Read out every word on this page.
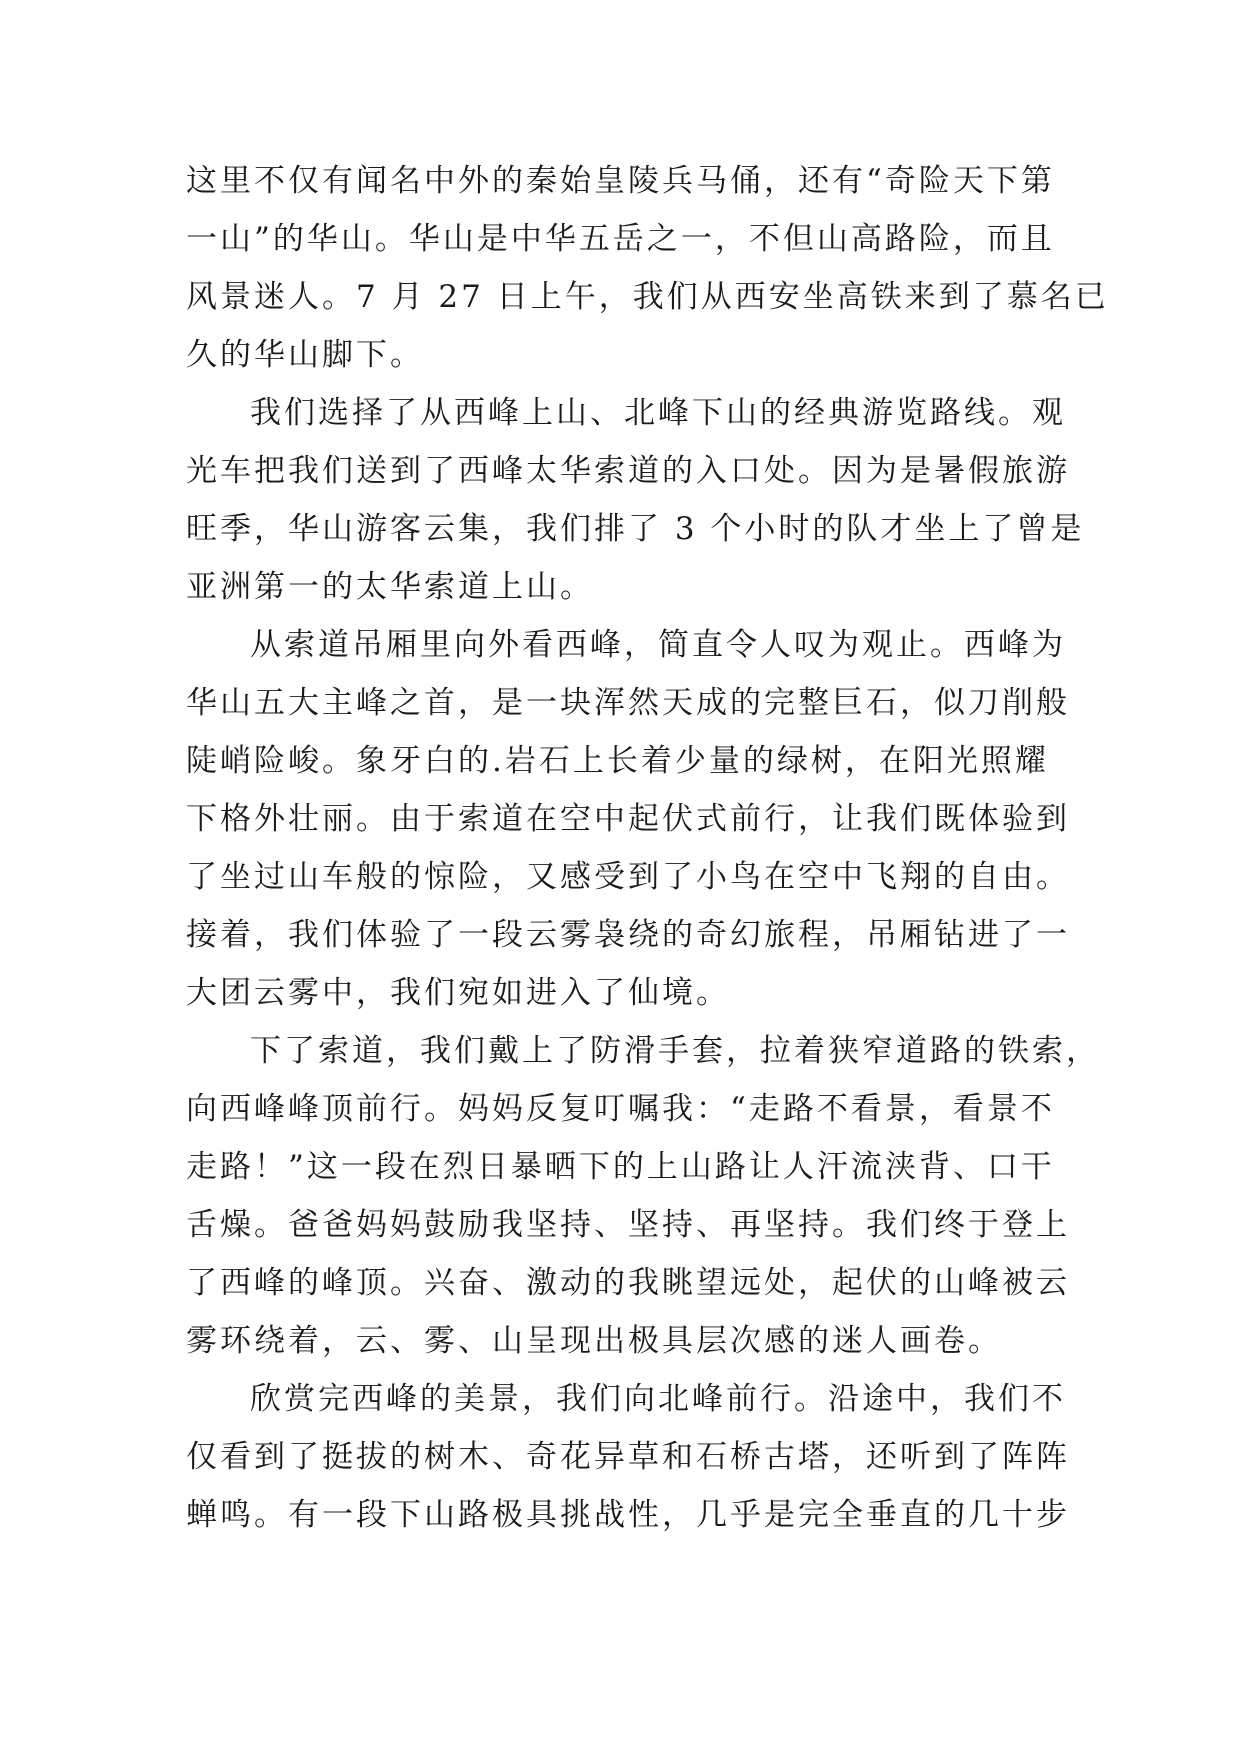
这里不仅有闻名中外的秦始皇陵兵马俑，还有“奇险天下第
一山”的华山。华山是中华五岳之一，不但山高路险，而且
风景迷人。7 月 27 日上午，我们从西安坐高铁来到了慕名已
久的华山脚下。
我们选择了从西峰上山、北峰下山的经典游览路线。观
光车把我们送到了西峰太华索道的入口处。因为是暑假旅游
旺季，华山游客云集，我们排了 3 个小时的队才坐上了曾是
亚洲第一的太华索道上山。
从索道吊厢里向外看西峰，简直令人叹为观止。西峰为
华山五大主峰之首，是一块浑然天成的完整巨石，似刀削般
陡峭险峻。象牙白的.岩石上长着少量的绿树，在阳光照耀
下格外壮丽。由于索道在空中起伏式前行，让我们既体验到
了坐过山车般的惊险，又感受到了小鸟在空中飞翔的自由。
接着，我们体验了一段云雾袅绕的奇幻旅程，吊厢钻进了一
大团云雾中，我们宛如进入了仙境。
下了索道，我们戴上了防滑手套，拉着狭窄道路的铁索，
向西峰峰顶前行。妈妈反复叮嘱我：“走路不看景，看景不
走路！”这一段在烈日暴晒下的上山路让人汗流浃背、口干
舌燥。爸爸妈妈鼓励我坚持、坚持、再坚持。我们终于登上
了西峰的峰顶。兴奋、激动的我眺望远处，起伏的山峰被云
雾环绕着，云、雾、山呈现出极具层次感的迷人画卷。
欣赏完西峰的美景，我们向北峰前行。沿途中，我们不
仅看到了挺拔的树木、奇花异草和石桥古塔，还听到了阵阵
蝉鸣。有一段下山路极具挑战性，几乎是完全垂直的几十步
